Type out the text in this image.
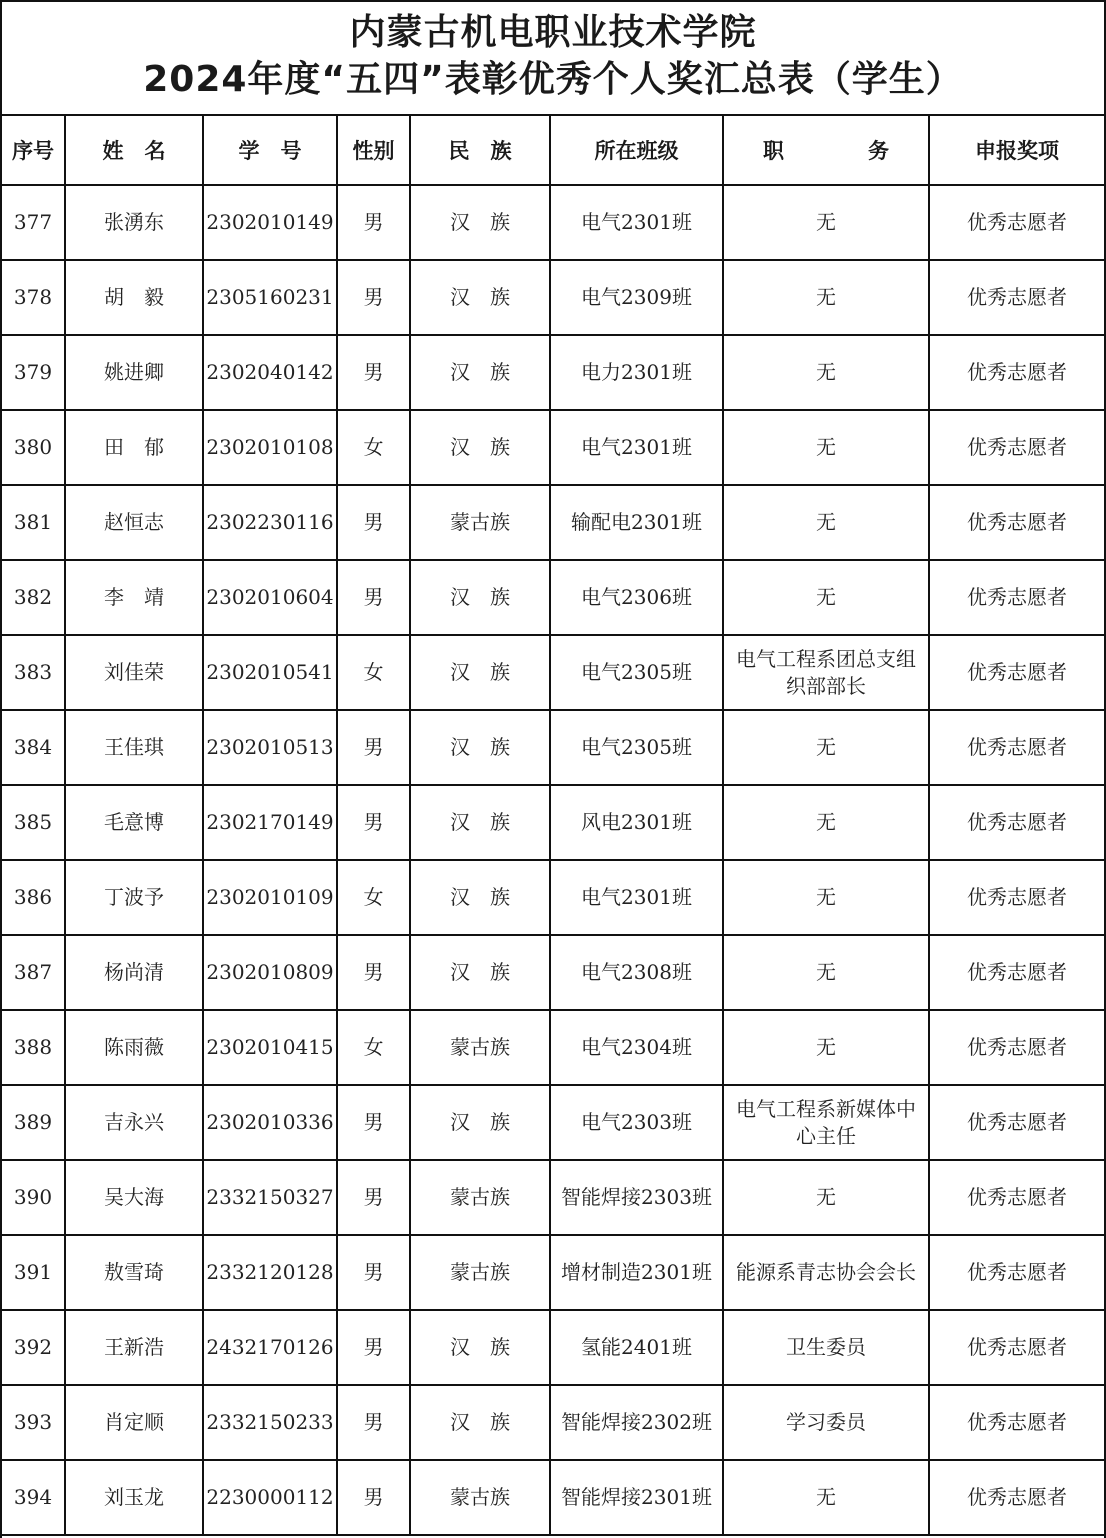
内蒙古机电职业技术学院
2024年度“五四”表彰优秀个人奖汇总表（学生）
序号	姓　名	学　号	性别	民　族	所在班级	职　　　　务	申报奖项
377	张湧东	2302010149	男	汉　族	电气2301班	无	优秀志愿者
378	胡　毅	2305160231	男	汉　族	电气2309班	无	优秀志愿者
379	姚进卿	2302040142	男	汉　族	电力2301班	无	优秀志愿者
380	田　郁	2302010108	女	汉　族	电气2301班	无	优秀志愿者
381	赵恒志	2302230116	男	蒙古族	输配电2301班	无	优秀志愿者
382	李　靖	2302010604	男	汉　族	电气2306班	无	优秀志愿者
383	刘佳荣	2302010541	女	汉　族	电气2305班	电气工程系团总支组织部部长	优秀志愿者
384	王佳琪	2302010513	男	汉　族	电气2305班	无	优秀志愿者
385	毛意博	2302170149	男	汉　族	风电2301班	无	优秀志愿者
386	丁波予	2302010109	女	汉　族	电气2301班	无	优秀志愿者
387	杨尚清	2302010809	男	汉　族	电气2308班	无	优秀志愿者
388	陈雨薇	2302010415	女	蒙古族	电气2304班	无	优秀志愿者
389	吉永兴	2302010336	男	汉　族	电气2303班	电气工程系新媒体中心主任	优秀志愿者
390	吴大海	2332150327	男	蒙古族	智能焊接2303班	无	优秀志愿者
391	敖雪琦	2332120128	男	蒙古族	增材制造2301班	能源系青志协会会长	优秀志愿者
392	王新浩	2432170126	男	汉　族	氢能2401班	卫生委员	优秀志愿者
393	肖定顺	2332150233	男	汉　族	智能焊接2302班	学习委员	优秀志愿者
394	刘玉龙	2230000112	男	蒙古族	智能焊接2301班	无	优秀志愿者
